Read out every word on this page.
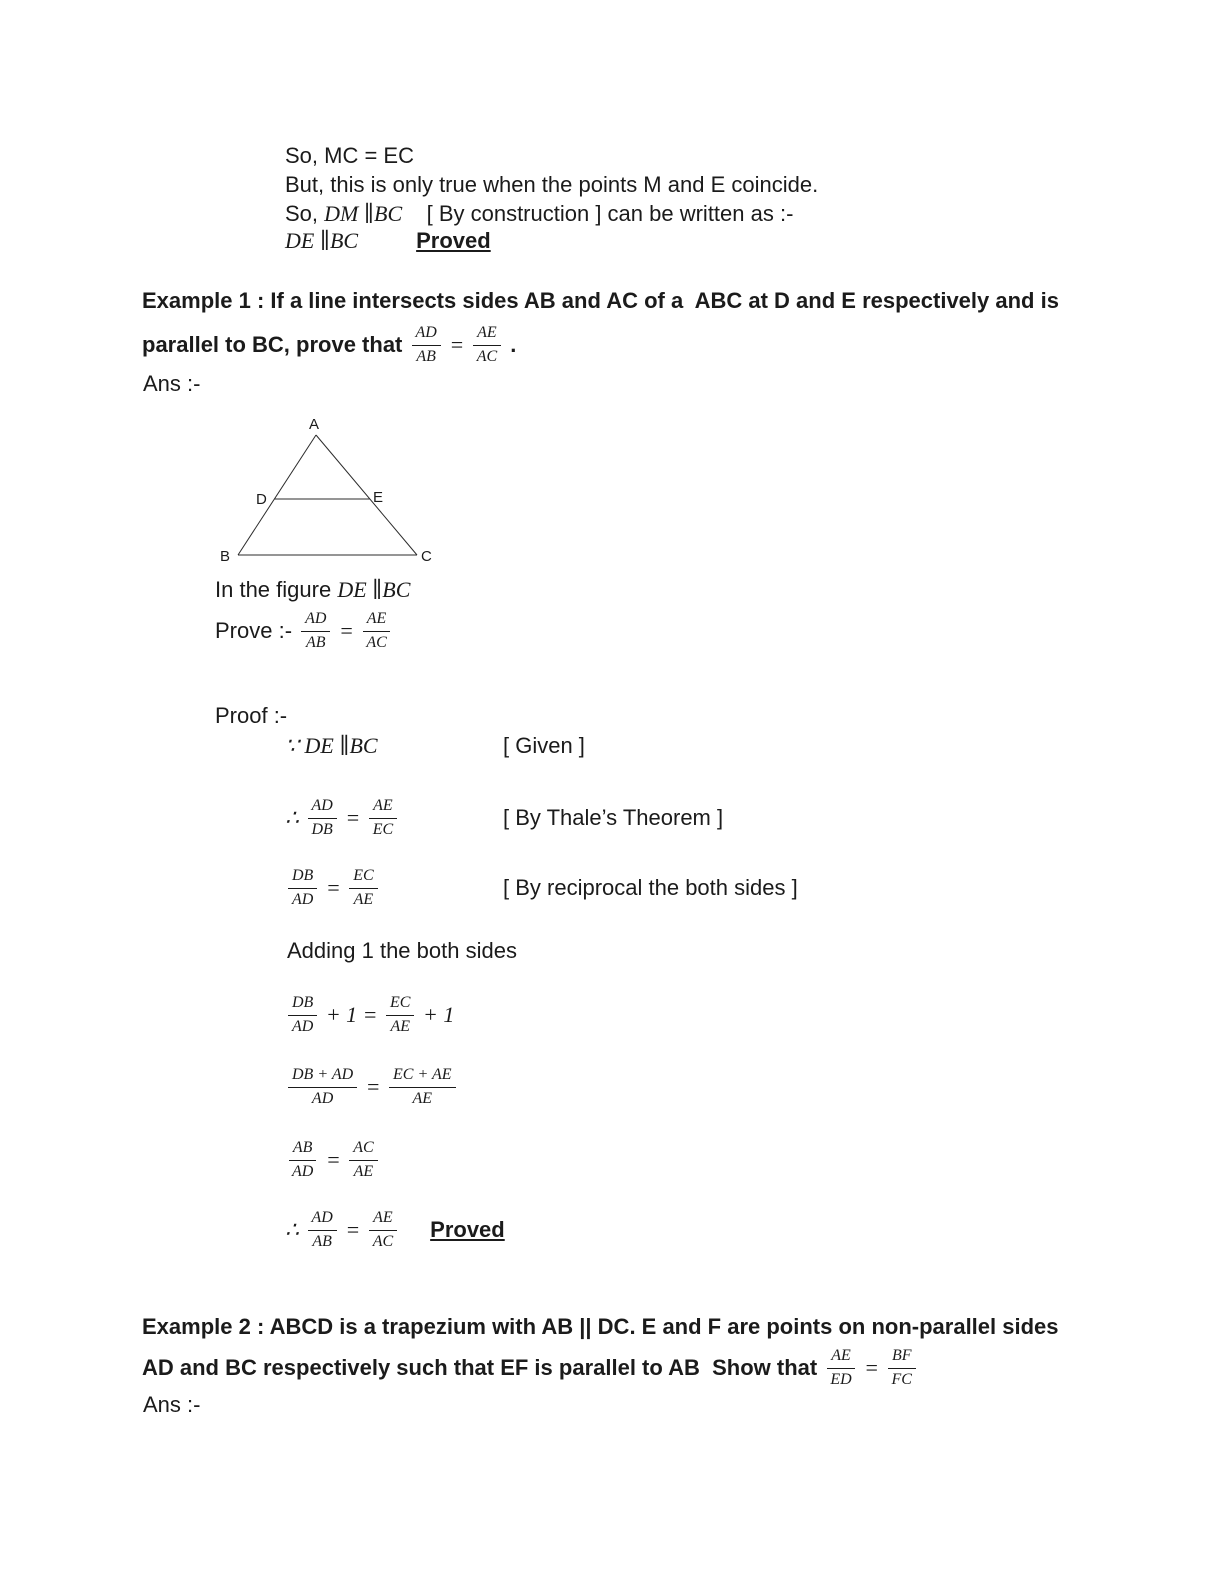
So, MC = EC
But, this is only true when the points M and E coincide.
So, DM ∥BC    [ By construction ] can be written as :-
DE ∥BC	Proved
Example 1 : If a line intersects sides AB and AC of a  ABC at D and E respectively and is
parallel to BC, prove that $\frac{AD}{AB} = \frac{AE}{AC}$ .
Ans :-
A
B	C
D	E
In the figure DE ∥BC
Prove :- $\frac{AD}{AB} = \frac{AE}{AC}$
Proof :-
∵ DE ∥BC	[ Given ]
∴ $\frac{AD}{DB} = \frac{AE}{EC}$	[ By Thale’s Theorem ]
$\frac{DB}{AD} = \frac{EC}{AE}$	[ By reciprocal the both sides ]
Adding 1 the both sides
$\frac{DB}{AD} + 1 = \frac{EC}{AE} + 1$
$\frac{DB + AD}{AD} = \frac{EC + AE}{AE}$
$\frac{AB}{AD} = \frac{AC}{AE}$
∴ $\frac{AD}{AB} = \frac{AE}{AC}$ Proved
Example 2 : ABCD is a trapezium with AB || DC. E and F are points on non-parallel sides
AD and BC respectively such that EF is parallel to AB  Show that $\frac{AE}{ED} = \frac{BF}{FC}$
Ans :-
